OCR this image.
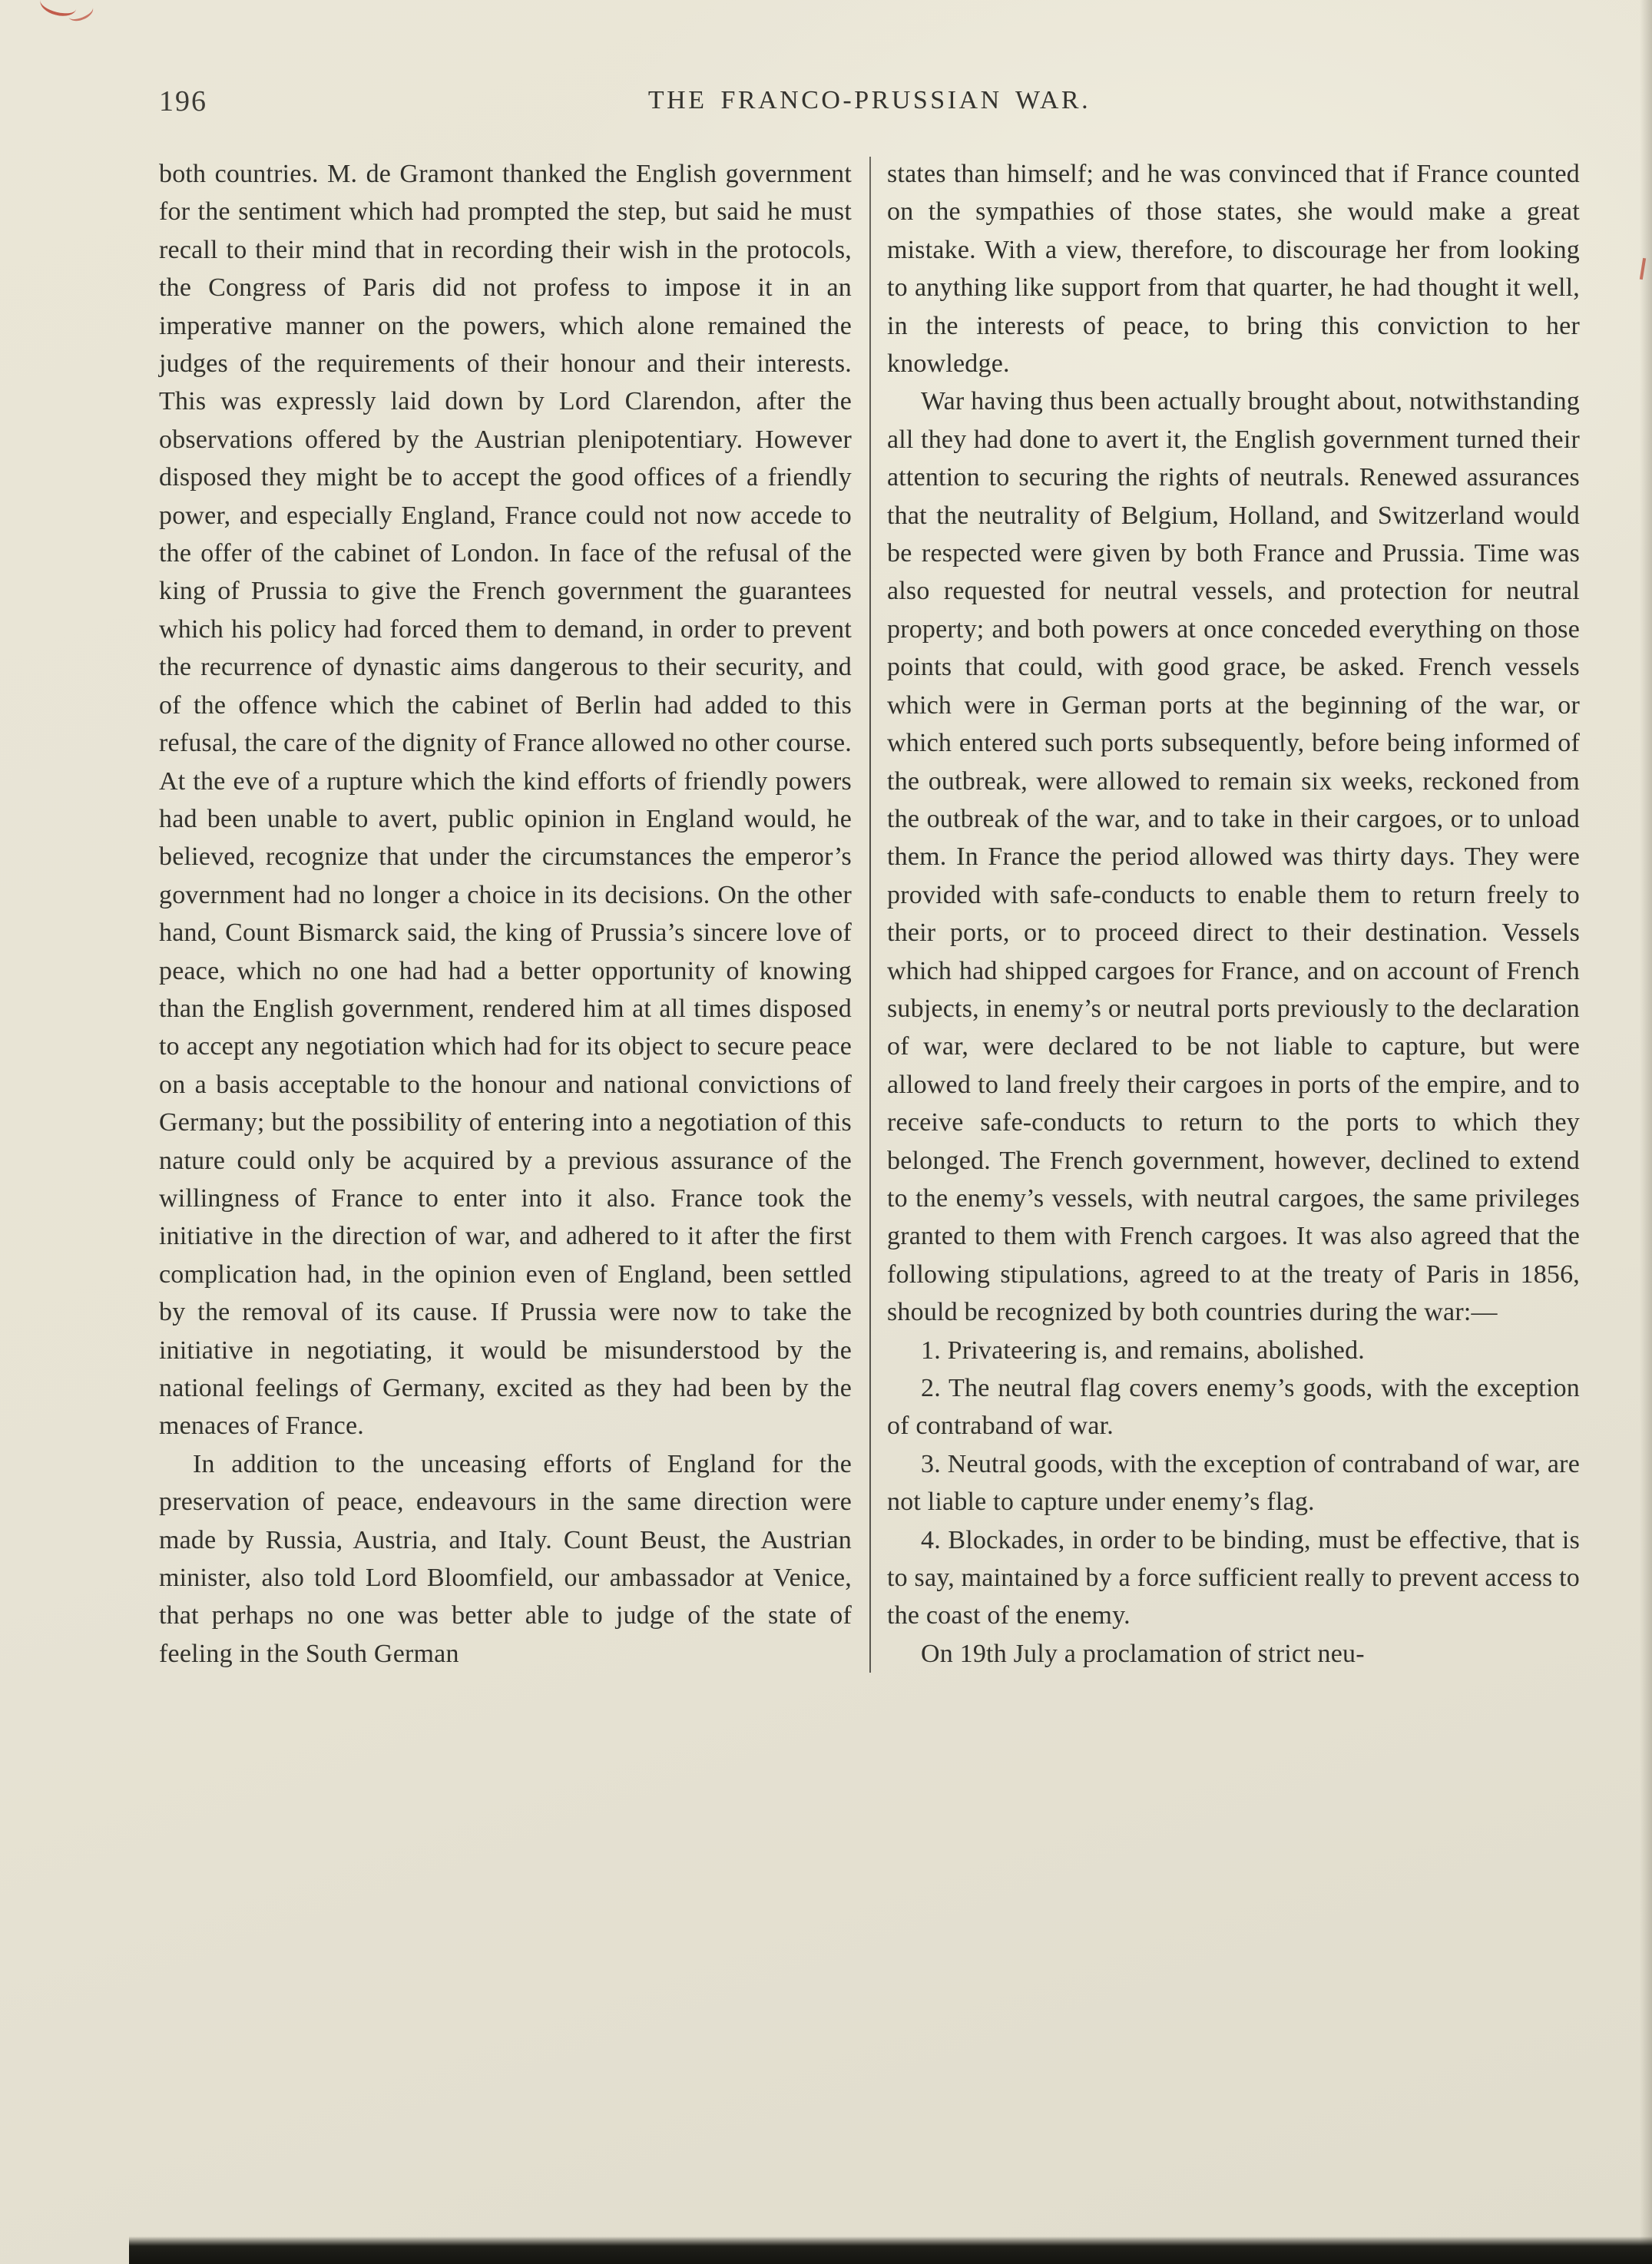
196	THE FRANCO-PRUSSIAN WAR.

both countries. M. de Gramont thanked the English government for the sentiment which had prompted the step, but said he must recall to their mind that in recording their wish in the protocols, the Congress of Paris did not profess to impose it in an imperative manner on the powers, which alone remained the judges of the requirements of their honour and their interests. This was expressly laid down by Lord Clarendon, after the observations offered by the Austrian plenipotentiary. However disposed they might be to accept the good offices of a friendly power, and especially England, France could not now accede to the offer of the cabinet of London. In face of the refusal of the king of Prussia to give the French government the guarantees which his policy had forced them to demand, in order to prevent the recurrence of dynastic aims dangerous to their security, and of the offence which the cabinet of Berlin had added to this refusal, the care of the dignity of France allowed no other course. At the eve of a rupture which the kind efforts of friendly powers had been unable to avert, public opinion in England would, he believed, recognize that under the circumstances the emperor’s government had no longer a choice in its decisions. On the other hand, Count Bismarck said, the king of Prussia’s sincere love of peace, which no one had had a better opportunity of knowing than the English government, rendered him at all times disposed to accept any negotiation which had for its object to secure peace on a basis acceptable to the honour and national convictions of Germany; but the possibility of entering into a negotiation of this nature could only be acquired by a previous assurance of the willingness of France to enter into it also. France took the initiative in the direction of war, and adhered to it after the first complication had, in the opinion even of England, been settled by the removal of its cause. If Prussia were now to take the initiative in negotiating, it would be misunderstood by the national feelings of Germany, excited as they had been by the menaces of France.

In addition to the unceasing efforts of England for the preservation of peace, endeavours in the same direction were made by Russia, Austria, and Italy. Count Beust, the Austrian minister, also told Lord Bloomfield, our ambassador at Venice, that perhaps no one was better able to judge of the state of feeling in the South German

states than himself; and he was convinced that if France counted on the sympathies of those states, she would make a great mistake. With a view, therefore, to discourage her from looking to anything like support from that quarter, he had thought it well, in the interests of peace, to bring this conviction to her knowledge.

War having thus been actually brought about, notwithstanding all they had done to avert it, the English government turned their attention to securing the rights of neutrals. Renewed assurances that the neutrality of Belgium, Holland, and Switzerland would be respected were given by both France and Prussia. Time was also requested for neutral vessels, and protection for neutral property; and both powers at once conceded everything on those points that could, with good grace, be asked. French vessels which were in German ports at the beginning of the war, or which entered such ports subsequently, before being informed of the outbreak, were allowed to remain six weeks, reckoned from the outbreak of the war, and to take in their cargoes, or to unload them. In France the period allowed was thirty days. They were provided with safe-conducts to enable them to return freely to their ports, or to proceed direct to their destination. Vessels which had shipped cargoes for France, and on account of French subjects, in enemy’s or neutral ports previously to the declaration of war, were declared to be not liable to capture, but were allowed to land freely their cargoes in ports of the empire, and to receive safe-conducts to return to the ports to which they belonged. The French government, however, declined to extend to the enemy’s vessels, with neutral cargoes, the same privileges granted to them with French cargoes. It was also agreed that the following stipulations, agreed to at the treaty of Paris in 1856, should be recognized by both countries during the war:—

1. Privateering is, and remains, abolished.

2. The neutral flag covers enemy’s goods, with the exception of contraband of war.

3. Neutral goods, with the exception of contraband of war, are not liable to capture under enemy’s flag.

4. Blockades, in order to be binding, must be effective, that is to say, maintained by a force sufficient really to prevent access to the coast of the enemy.

On 19th July a proclamation of strict neu-
